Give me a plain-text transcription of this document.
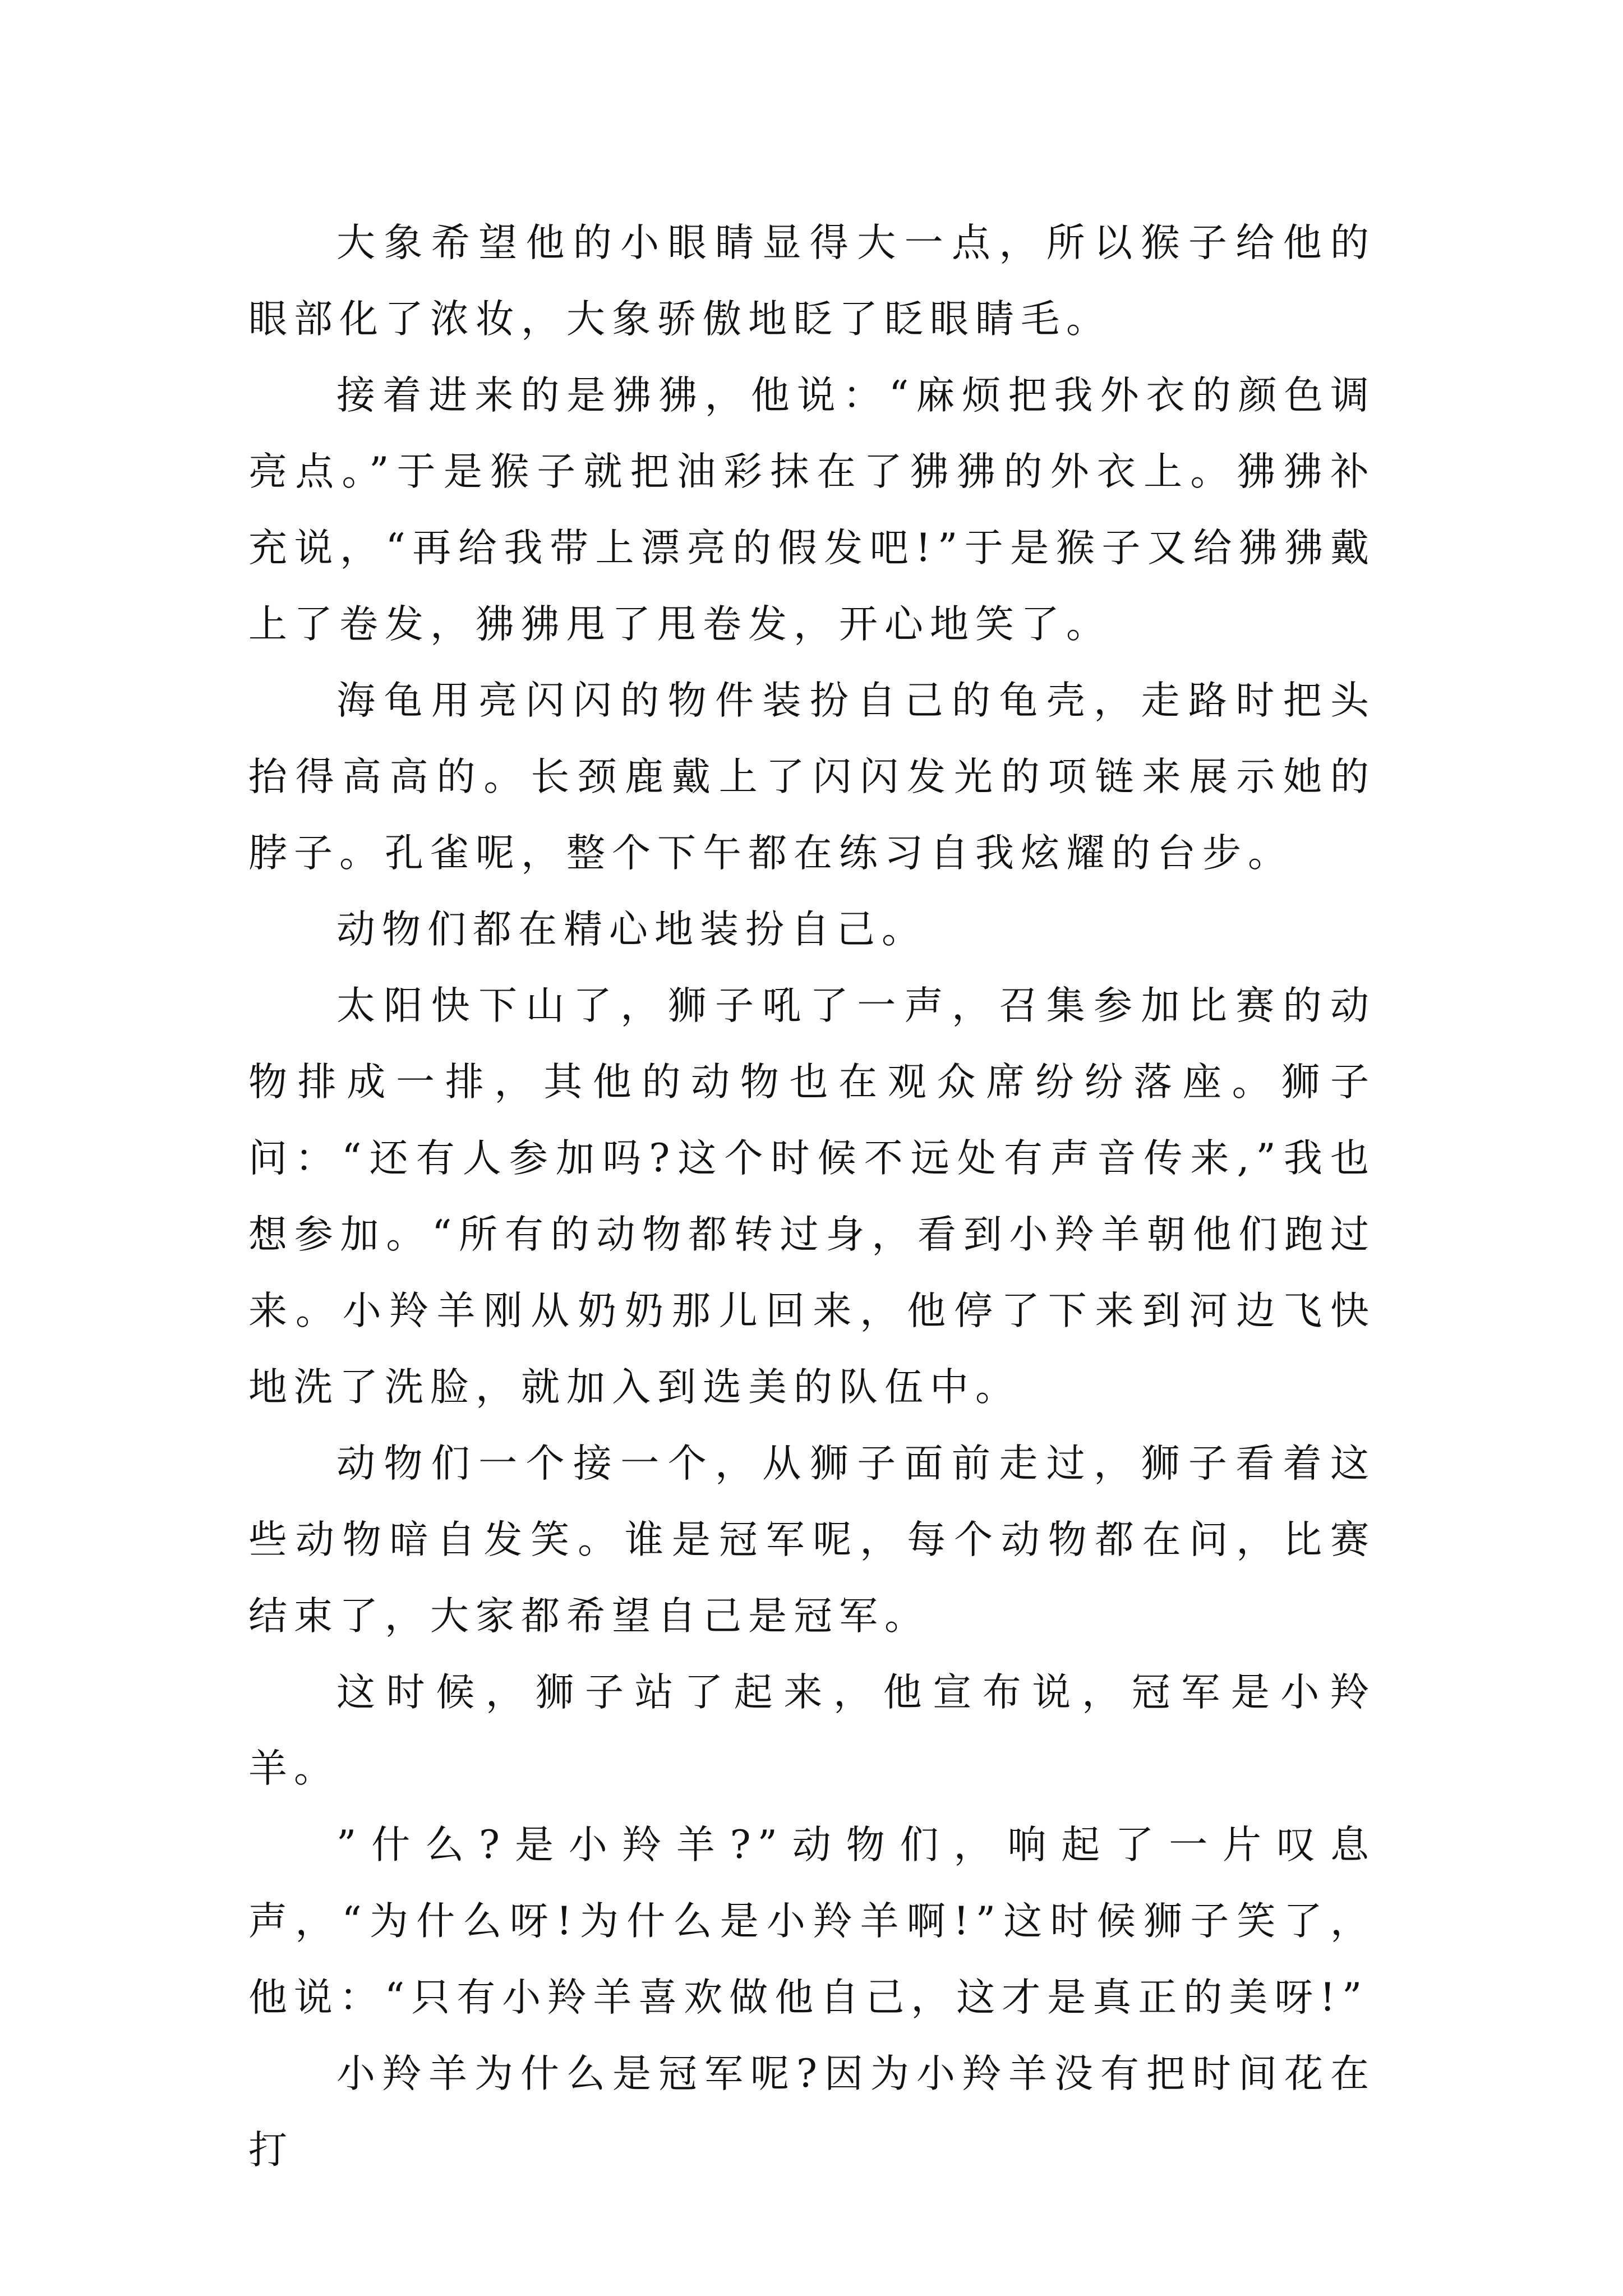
大象希望他的小眼睛显得大一点，所以猴子给他的眼部化了浓妆，大象骄傲地眨了眨眼睛毛。

接着进来的是狒狒，他说：“麻烦把我外衣的颜色调亮点。”于是猴子就把油彩抹在了狒狒的外衣上。狒狒补充说，“再给我带上漂亮的假发吧!”于是猴子又给狒狒戴上了卷发，狒狒甩了甩卷发，开心地笑了。

海龟用亮闪闪的物件装扮自己的龟壳，走路时把头抬得高高的。长颈鹿戴上了闪闪发光的项链来展示她的脖子。孔雀呢，整个下午都在练习自我炫耀的台步。

动物们都在精心地装扮自己。

太阳快下山了，狮子吼了一声，召集参加比赛的动物排成一排，其他的动物也在观众席纷纷落座。狮子问：“还有人参加吗?这个时候不远处有声音传来,”我也想参加。“所有的动物都转过身，看到小羚羊朝他们跑过来。小羚羊刚从奶奶那儿回来，他停了下来到河边飞快地洗了洗脸，就加入到选美的队伍中。

动物们一个接一个，从狮子面前走过，狮子看着这些动物暗自发笑。谁是冠军呢，每个动物都在问，比赛结束了，大家都希望自己是冠军。

这时候，狮子站了起来，他宣布说，冠军是小羚羊。

”什么?是小羚羊?”动物们，响起了一片叹息声，“为什么呀!为什么是小羚羊啊!”这时候狮子笑了，他说：“只有小羚羊喜欢做他自己，这才是真正的美呀!”

小羚羊为什么是冠军呢?因为小羚羊没有把时间花在打
